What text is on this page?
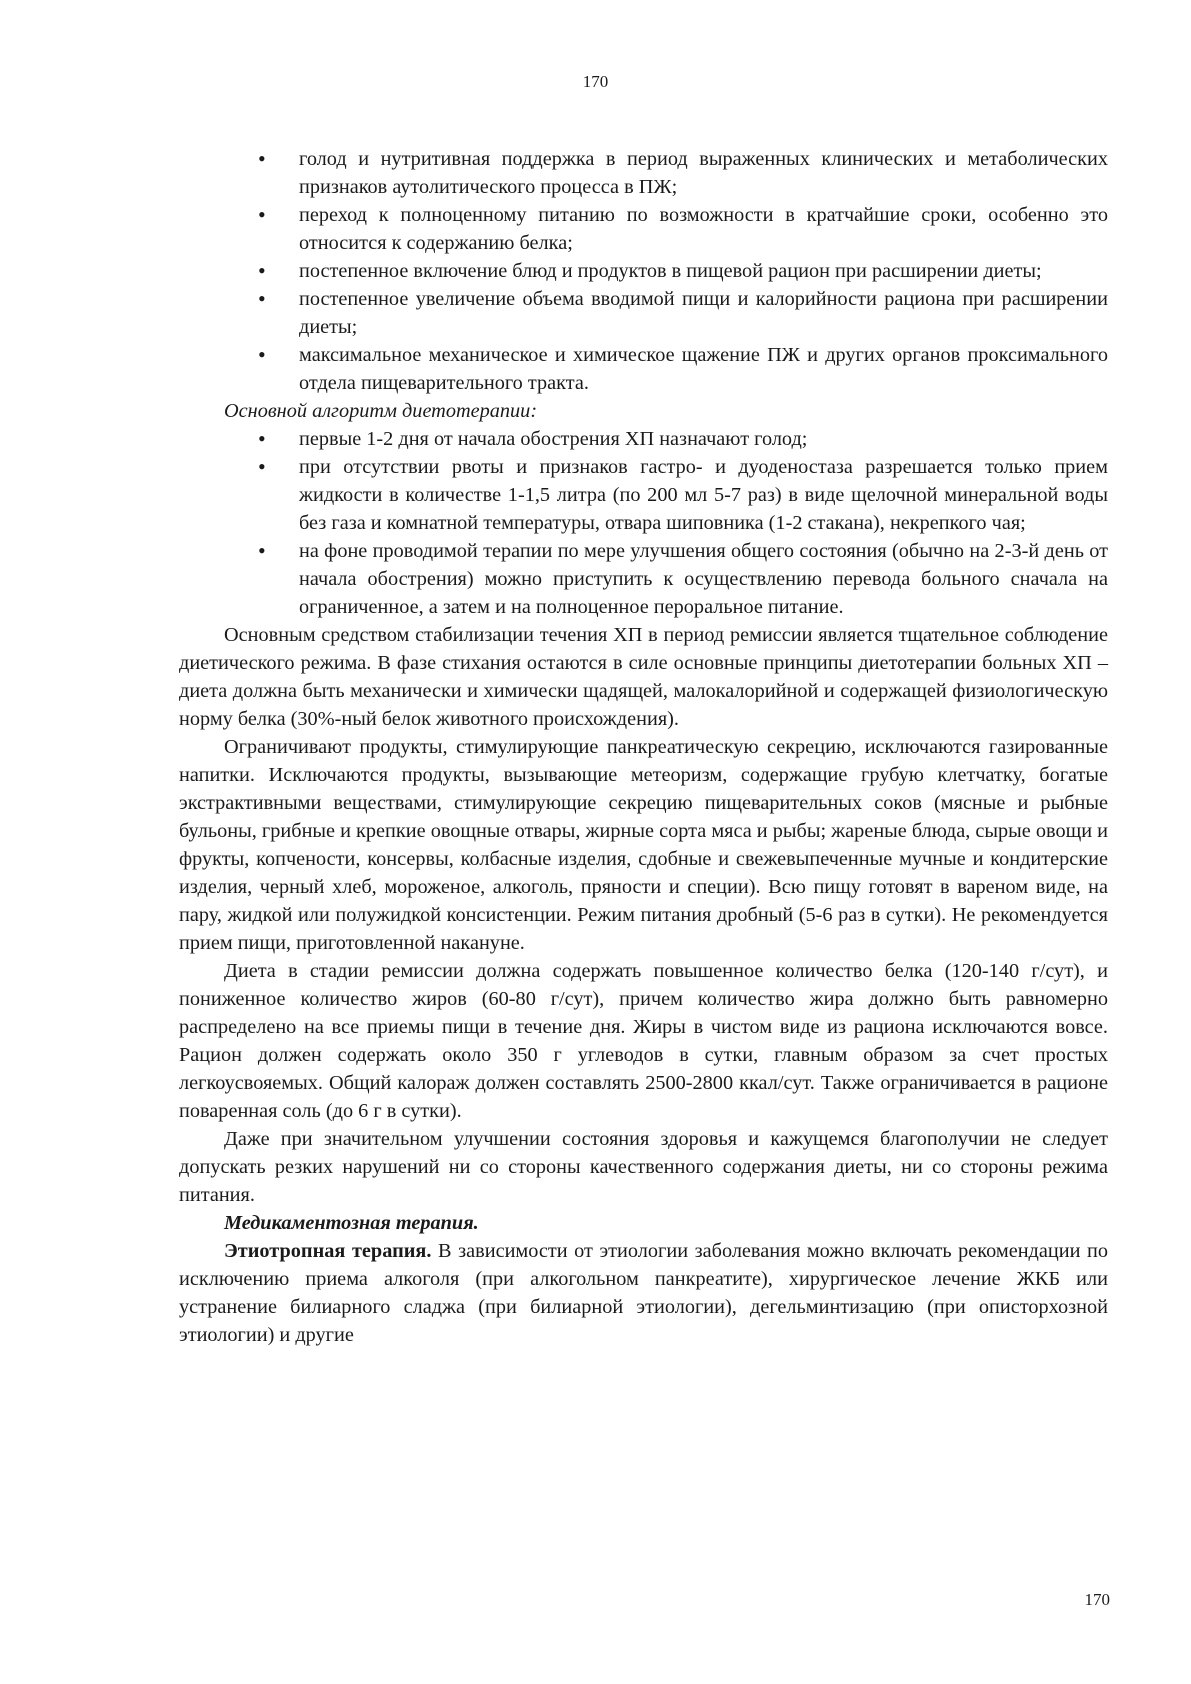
170
• голод и нутритивная поддержка в период выраженных клинических и метаболических признаков аутолитического процесса в ПЖ;
• переход к полноценному питанию по возможности в кратчайшие сроки, особенно это относится к содержанию белка;
• постепенное включение блюд и продуктов в пищевой рацион при расширении диеты;
• постепенное увеличение объема вводимой пищи и калорийности рациона при расширении диеты;
• максимальное механическое и химическое щажение ПЖ и других органов проксимального отдела пищеварительного тракта.

Основной алгоритм диетотерапии:

• первые 1-2 дня от начала обострения ХП назначают голод;
• при отсутствии рвоты и признаков гастро- и дуоденостаза разрешается только прием жидкости в количестве 1-1,5 литра (по 200 мл 5-7 раз) в виде щелочной минеральной воды без газа и комнатной температуры, отвара шиповника (1-2 стакана), некрепкого чая;
• на фоне проводимой терапии по мере улучшения общего состояния (обычно на 2-3-й день от начала обострения) можно приступить к осуществлению перевода больного сначала на ограниченное, а затем и на полноценное пероральное питание.

Основным средством стабилизации течения ХП в период ремиссии является тщательное соблюдение диетического режима. В фазе стихания остаются в силе основные принципы диетотерапии больных ХП – диета должна быть механически и химически щадящей, малокалорийной и содержащей физиологическую норму белка (30%-ный белок животного происхождения).

Ограничивают продукты, стимулирующие панкреатическую секрецию, исключаются газированные напитки. Исключаются продукты, вызывающие метеоризм, содержащие грубую клетчатку, богатые экстрактивными веществами, стимулирующие секрецию пищеварительных соков (мясные и рыбные бульоны, грибные и крепкие овощные отвары, жирные сорта мяса и рыбы; жареные блюда, сырые овощи и фрукты, копчености, консервы, колбасные изделия, сдобные и свежевыпеченные мучные и кондитерские изделия, черный хлеб, мороженое, алкоголь, пряности и специи). Всю пищу готовят в вареном виде, на пару, жидкой или полужидкой консистенции. Режим питания дробный (5-6 раз в сутки). Не рекомендуется прием пищи, приготовленной накануне.

Диета в стадии ремиссии должна содержать повышенное количество белка (120-140 г/сут), и пониженное количество жиров (60-80 г/сут), причем количество жира должно быть равномерно распределено на все приемы пищи в течение дня. Жиры в чистом виде из рациона исключаются вовсе. Рацион должен содержать около 350 г углеводов в сутки, главным образом за счет простых легкоусвояемых. Общий калораж должен составлять 2500-2800 ккал/сут. Также ограничивается в рационе поваренная соль (до 6 г в сутки).

Даже при значительном улучшении состояния здоровья и кажущемся благополучии не следует допускать резких нарушений ни со стороны качественного содержания диеты, ни со стороны режима питания.

Медикаментозная терапия.

Этиотропная терапия. В зависимости от этиологии заболевания можно включать рекомендации по исключению приема алкоголя (при алкогольном панкреатите), хирургическое лечение ЖКБ или устранение билиарного сладжа (при билиарной этиологии), дегельминтизацию (при описторхозной этиологии) и другие

170
